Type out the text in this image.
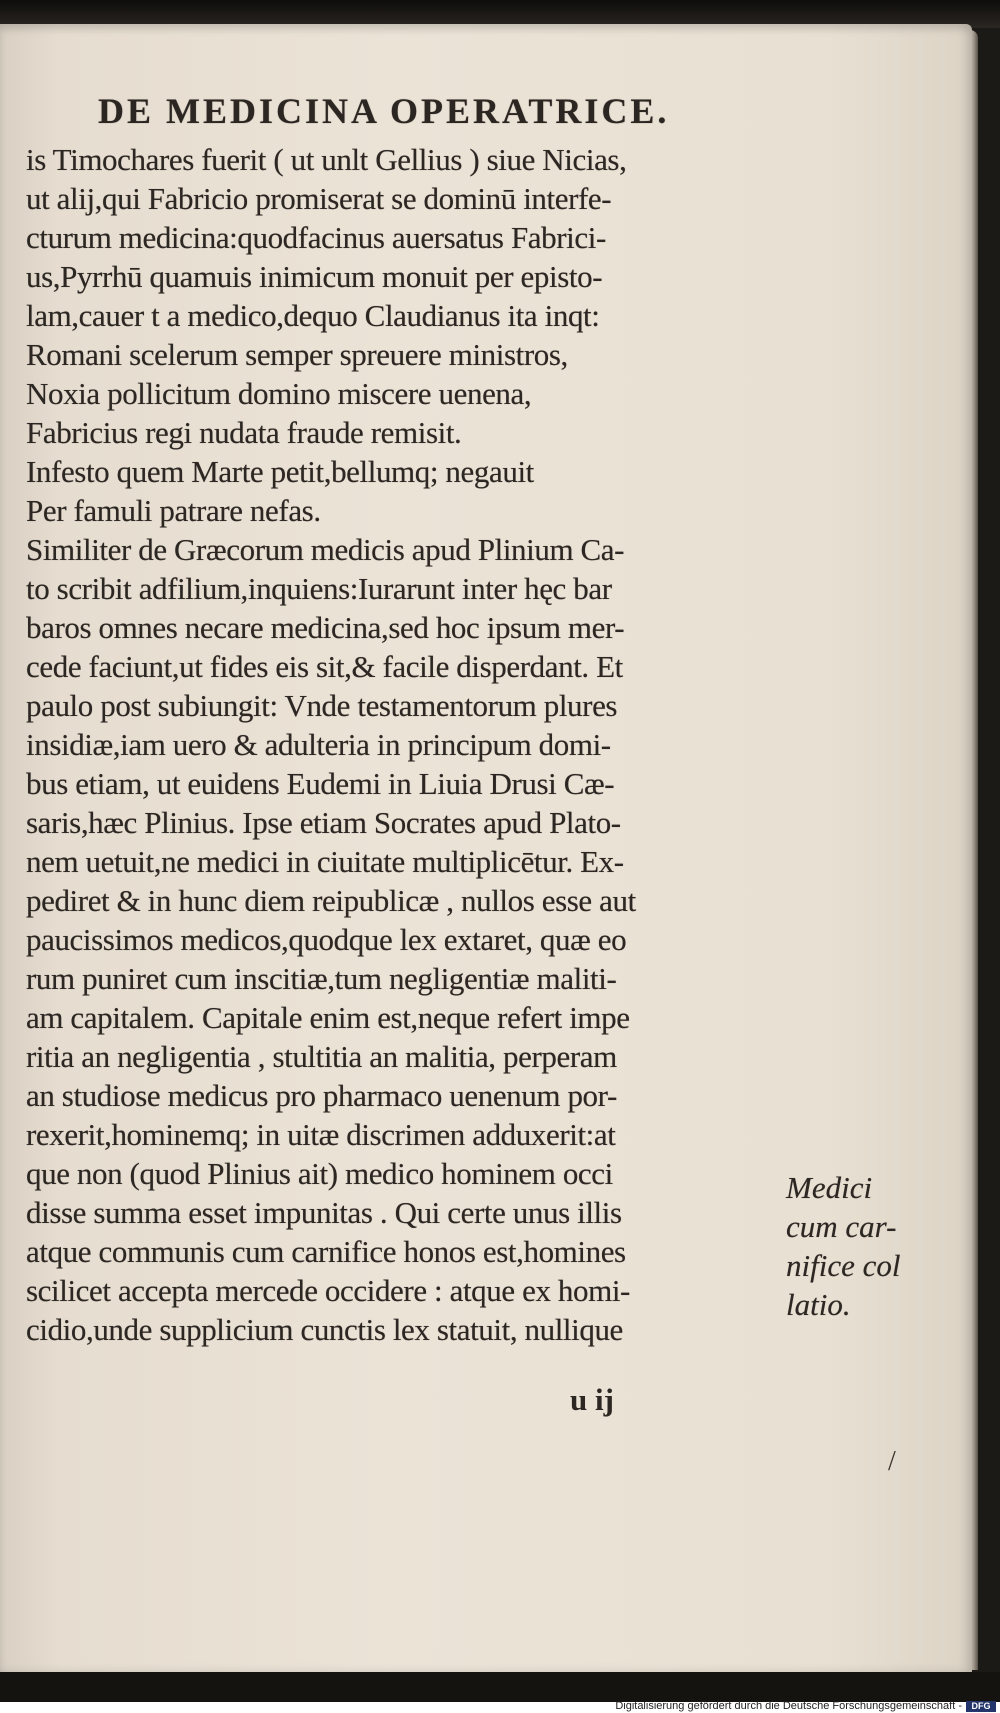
DE MEDICINA OPERATRICE.
is Timochares fuerit ( ut unlt Gellius ) siue Nicias,
ut alij,qui Fabricio promiserat se dominū interfe-
cturum medicina:quodfacinus auersatus Fabrici-
us,Pyrrhū quamuis inimicum monuit per episto-
lam,cauer t a medico,dequo Claudianus ita inqt:
Romani scelerum semper spreuere ministros,
Noxia pollicitum domino miscere uenena,
Fabricius regi nudata fraude remisit.
Infesto quem Marte petit,bellumq; negauit
Per famuli patrare nefas.
Similiter de Græcorum medicis apud Plinium Ca-
to scribit adfilium,inquiens:Iurarunt inter hęc bar
baros omnes necare medicina,sed hoc ipsum mer-
cede faciunt,ut fides eis sit,& facile disperdant. Et
paulo post subiungit: Vnde testamentorum plures
insidiæ,iam uero & adulteria in principum domi-
bus etiam, ut euidens Eudemi in Liuia Drusi Cæ-
saris,hæc Plinius. Ipse etiam Socrates apud Plato-
nem uetuit,ne medici in ciuitate multiplicētur. Ex-
pediret & in hunc diem reipublicæ , nullos esse aut
paucissimos medicos,quodque lex extaret, quæ eo
rum puniret cum inscitiæ,tum negligentiæ maliti-
am capitalem. Capitale enim est,neque refert impe
ritia an negligentia , stultitia an malitia, perperam
an studiose medicus pro pharmaco uenenum por-
rexerit,hominemq; in uitæ discrimen adduxerit:at
que non (quod Plinius ait) medico hominem occi
disse summa esset impunitas . Qui certe unus illis
atque communis cum carnifice honos est,homines
scilicet accepta mercede occidere : atque ex homi-
cidio,unde supplicium cunctis lex statuit, nullique
Medici
cum car-
nifice col
latio.
u ij
/
Digitalisierung gefördert durch die Deutsche Forschungsgemeinschaft -	DFG
